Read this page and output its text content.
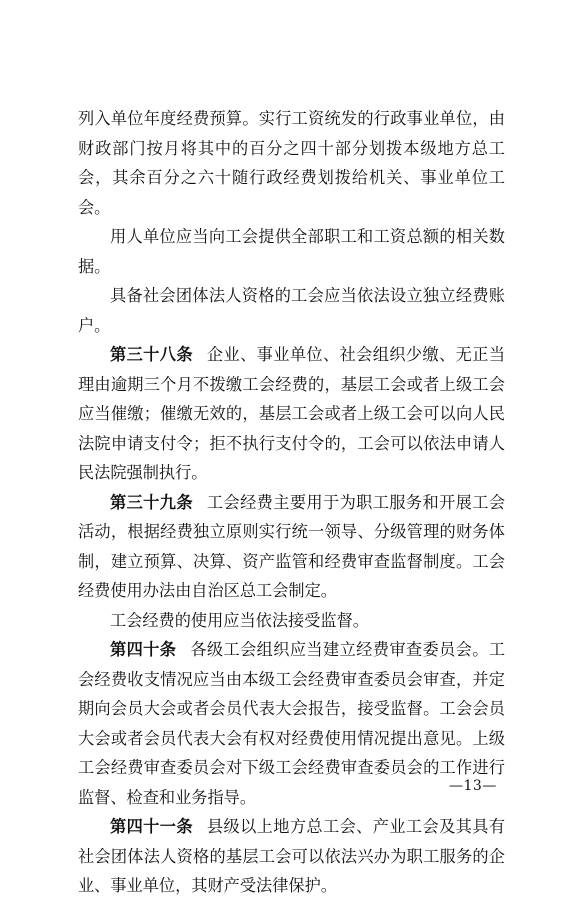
列入单位年度经费预算。实行工资统发的行政事业单位，由财政部门按月将其中的百分之四十部分划拨本级地方总工会，其余百分之六十随行政经费划拨给机关、事业单位工会。

用人单位应当向工会提供全部职工和工资总额的相关数据。

具备社会团体法人资格的工会应当依法设立独立经费账户。

第三十八条 企业、事业单位、社会组织少缴、无正当理由逾期三个月不拨缴工会经费的，基层工会或者上级工会应当催缴；催缴无效的，基层工会或者上级工会可以向人民法院申请支付令；拒不执行支付令的，工会可以依法申请人民法院强制执行。

第三十九条 工会经费主要用于为职工服务和开展工会活动，根据经费独立原则实行统一领导、分级管理的财务体制，建立预算、决算、资产监管和经费审查监督制度。工会经费使用办法由自治区总工会制定。

工会经费的使用应当依法接受监督。

第四十条 各级工会组织应当建立经费审查委员会。工会经费收支情况应当由本级工会经费审查委员会审查，并定期向会员大会或者会员代表大会报告，接受监督。工会会员大会或者会员代表大会有权对经费使用情况提出意见。上级工会经费审查委员会对下级工会经费审查委员会的工作进行监督、检查和业务指导。

第四十一条 县级以上地方总工会、产业工会及其具有社会团体法人资格的基层工会可以依法兴办为职工服务的企业、事业单位，其财产受法律保护。

—13—
